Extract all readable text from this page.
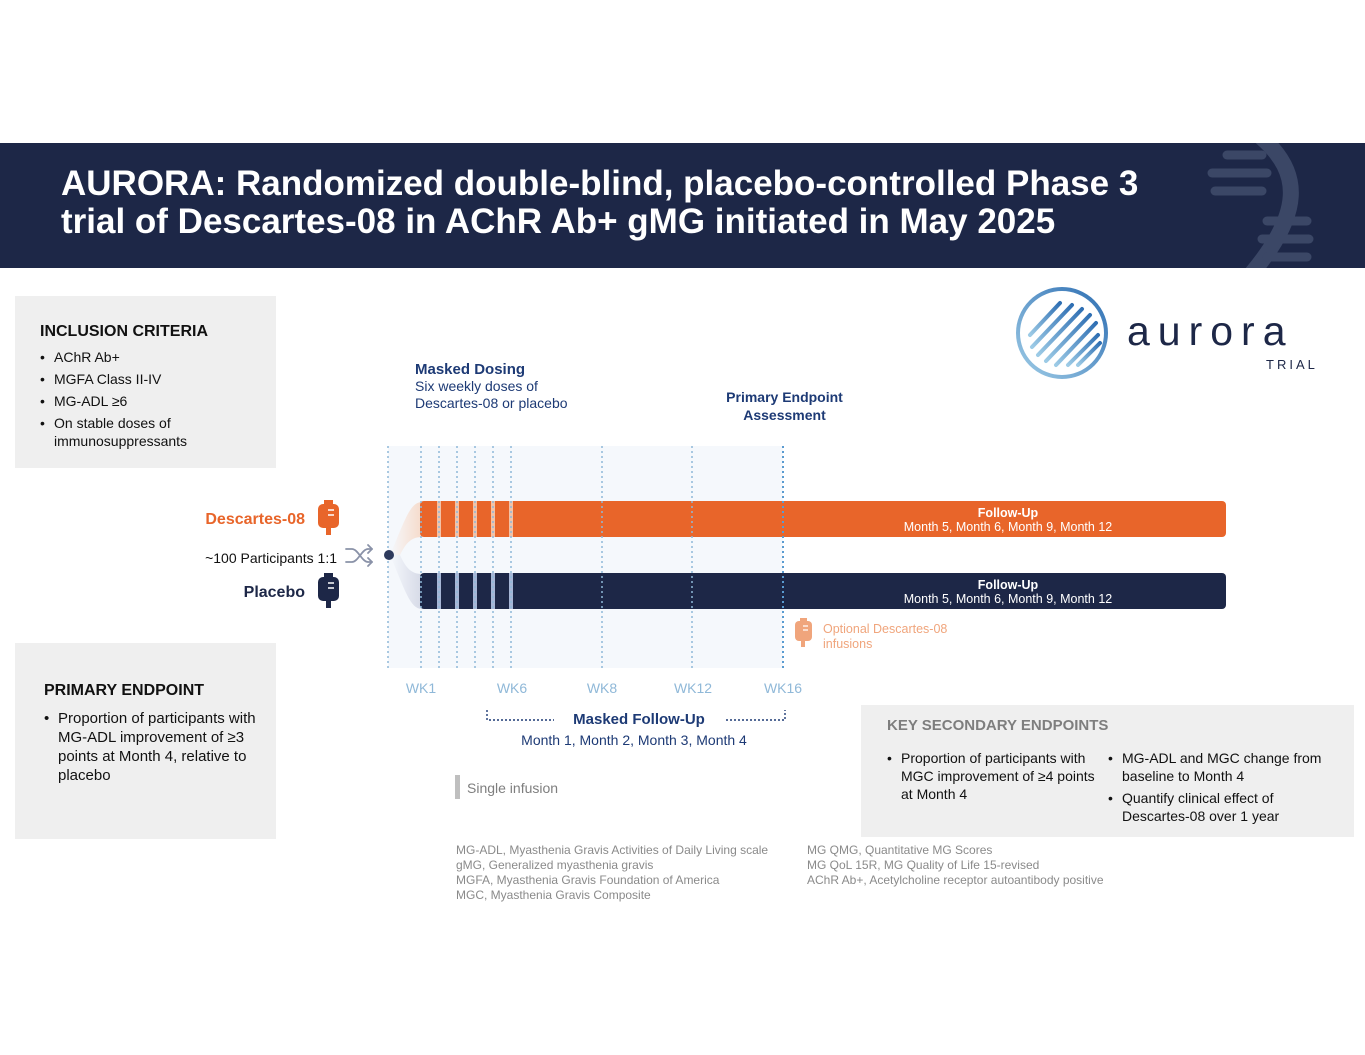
AURORA: Randomized double-blind, placebo-controlled Phase 3 trial of Descartes-08 in AChR Ab+ gMG initiated in May 2025

INCLUSION CRITERIA

• AChR Ab+
• MGFA Class II-IV
• MG-ADL ≥6
• On stable doses of immunosuppressants

PRIMARY ENDPOINT

• Proportion of participants with MG-ADL improvement of ≥3 points at Month 4, relative to placebo
aurora
TRIAL
Masked Dosing
Six weekly doses of Descartes-08 or placebo	Primary Endpoint Assessment
Descartes-08
Placebo
~100 Participants 1:1
Follow-Up
Month 5, Month 6, Month 9, Month 12
Follow-Up
Month 5, Month 6, Month 9, Month 12
Optional Descartes-08 infusions
WK1	WK6	WK8	WK12	WK16
Masked Follow-Up
Month 1, Month 2, Month 3, Month 4
Single infusion

KEY SECONDARY ENDPOINTS

• Proportion of participants with MGC improvement of ≥4 points at Month 4
• MG-ADL and MGC change from baseline to Month 4
• Quantify clinical effect of Descartes-08 over 1 year
MG-ADL, Myasthenia Gravis Activities of Daily Living scale
gMG, Generalized myasthenia gravis
MGFA, Myasthenia Gravis Foundation of America
MGC, Myasthenia Gravis Composite
MG QMG, Quantitative MG Scores
MG QoL 15R, MG Quality of Life 15-revised
AChR Ab+, Acetylcholine receptor autoantibody positive
